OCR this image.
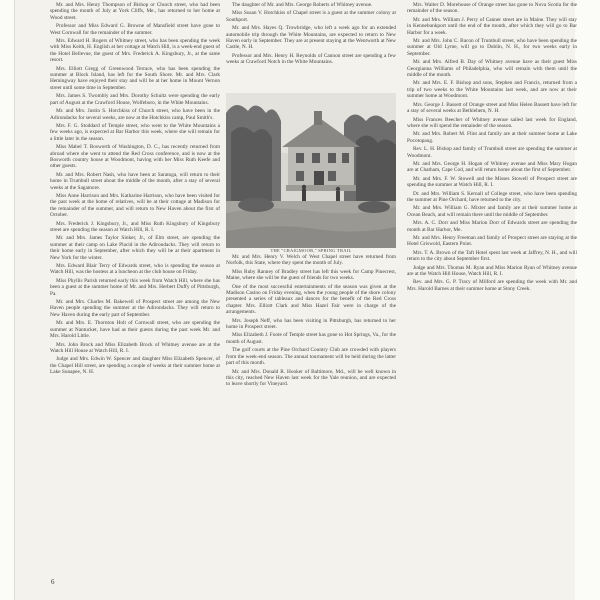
Mr. and Mrs. Henry Thompson of Bishop or Church street, who had been spending the month of July at York Cliffs, Me., has returned to her home at Wood street.

Professor and Miss Edward G. Browne of Mansfield street have gone to West Cornwall for the remainder of the summer.

Mrs. Edward H. Rogers of Whitney street, who has been spending the week with Miss Keith, H. English at her cottage at Watch Hill, is a week-end guest of the Hotel Bellevue, the guest of Mrs. Frederick A. Kingsbury, Jr., at the same resort.

Mrs. Elliott Gregg of Greenwood Terrace, who has been spending the summer at Block Island, has left for the South Shore. Mr. and Mrs. Clark Hemingway have enjoyed their stay and will be at her home in Mount Vernon street until some time in September.

Mrs. James S. Twombly and Mrs. Dorothy Schultz were spending the early part of August at the Crawford House, Wolfeboro, in the White Mountains.

Mr. and Mrs. Justin S. Hotchkiss of Church street, who have been in the Adirondacks for several weeks, are now at the Hotchkiss camp, Paul Smith's.

Mrs. F. G. Stoddard of Temple street, who went to the White Mountains a few weeks ago, is expected at Bar Harbor this week, where she will remain for a little later in the season.

Miss Mabel T. Bosworth of Washington, D. C., has recently returned from abroad where she went to attend the Red Cross conference, and is now at the Bosworth country house at Woodmont, having with her Miss Ruth Keefe and other guests.

Mr. and Mrs. Robert Nash, who have been at Saratoga, will return to their home in Trumbull street about the middle of the month, after a stay of several weeks at the Sagamore.

Miss Anne Harrison and Mrs. Katharine Harrison, who have been visited for the past week at the home of relatives, will be at their cottage at Madison for the remainder of the summer, and will return to New Haven about the first of October.

Mrs. Frederick J. Kingsbury, Jr., and Miss Ruth Kingsbury of Kingsbury street are spending the season at Watch Hill, R. I.

Mr. and Mrs. James Taylor Sinker, Jr., of Elm street, are spending the summer at their camp on Lake Placid in the Adirondacks. They will return to their home early in September, after which they will be at their apartment in New York for the winter.

Mrs. Edward Blair Terry of Edwards street, who is spending the season at Watch Hill, was the hostess at a luncheon at the club house on Friday.

Miss Phyllis Parish returned early this week from Watch Hill, where she has been a guest at the summer home of Mr. and Mrs. Herbert Duffy of Pittsburgh, Pa.

Mr. and Mrs. Charles M. Bakewell of Prospect street are among the New Haven people spending the summer at the Adirondacks. They will return to New Haven during the early part of September.

Mr. and Mrs. E. Thornton Holt of Cornwall street, who are spending the summer at Nantucket, have had as their guests during the past week Mr. and Mrs. Harold Little.

Mrs. John Brock and Miss Elizabeth Brock of Whitney avenue are at the Watch Hill House at Watch Hill, R. I.

Judge and Mrs. Edwin W. Spencer and daughter Miss Elizabeth Spencer, of the Chapel Hill street, are spending a couple of weeks at their summer home at Lake Sunapee, N. H.

The daughter of Mr. and Mrs. George Roberts of Whitney avenue.

Miss Susan V. Hotchkiss of Chapel street is a guest at the summer colony at Southport.

Mr. and Mrs. Hayes Q. Trowbridge, who left a week ago for an extended automobile trip through the White Mountains, are expected to return to New Haven early in September. They are at present staying at the Wentworth at New Castle, N. H.

Professor and Mrs. Henry H. Reynolds of Cannon street are spending a few weeks at Crawford Notch in the White Mountains.

THE "CRAIGMOOR," SPRING TRAIL

Mr. and Mrs. Henry V. Welch of West Chapel street have returned from Norfolk, this State, where they spent the month of July.

Miss Ruby Ranney of Bradley street has left this week for Camp Pinecrest, Maine, where she will be the guest of friends for two weeks.

One of the most successful entertainments of the season was given at the Madison Casino on Friday evening, when the young people of the shore colony presented a series of tableaux and dances for the benefit of the Red Cross chapter. Mrs. Elliott Clark and Miss Hazel Fair were in charge of the arrangements.

Mrs. Joseph Neff, who has been visiting in Pittsburgh, has returned to her home in Prospect street.

Miss Elizabeth J. Foote of Temple street has gone to Hot Springs, Va., for the month of August.

The golf courts at the Pine Orchard Country Club are crowded with players from the week-end season. The annual tournament will be held during the latter part of this month.

Mr. and Mrs. Donald R. Hooker of Baltimore, Md., will be well known in this city, reached New Haven last week for the Yale reunion, and are expected to leave shortly for Vineyard.

Mrs. Walter D. Morehouse of Orange street has gone to Nova Scotia for the remainder of the season.

Mr. and Mrs. William J. Perry of Canner street are in Maine. They will stay in Kennebunkport until the end of the month, after which they will go to Bar Harbor for a week.

Mr. and Mrs. John C. Bacon of Trumbull street, who have been spending the summer at Old Lyme, will go to Dublin, N. H., for two weeks early in September.

Mr. and Mrs. Alfred B. Day of Whitney avenue have as their guest Miss Georgianna Williams of Philadelphia, who will remain with them until the middle of the month.

Mr. and Mrs. E. F. Bishop and sons, Stephen and Francis, returned from a trip of two weeks to the White Mountains last week, and are now at their summer home at Woodmont.

Mrs. George J. Bassett of Orange street and Miss Helen Bassett have left for a stay of several weeks at Bethlehem, N. H.

Miss Frances Beecher of Whitney avenue sailed last week for England, where she will spend the remainder of the season.

Mr. and Mrs. Robert M. Flint and family are at their summer home at Lake Pocotopaug.

Rev. L. H. Bishop and family of Trumbull street are spending the summer at Woodmont.

Mr. and Mrs. George H. Hogan of Whitney avenue and Miss Mary Hogan are at Chatham, Cape Cod, and will return home about the first of September.

Mr. and Mrs. F. W. Stowell and the Misses Stowell of Prospect street are spending the summer at Watch Hill, R. I.

Dr. and Mrs. William S. Kernall of College street, who have been spending the summer at Pine Orchard, have returned to the city.

Mr. and Mrs. William G. Mixter and family are at their summer home at Ocean Beach, and will remain there until the middle of September.

Mrs. A. C. Dorr and Miss Marion Dorr of Edwards street are spending the month at Bar Harbor, Me.

Mr. and Mrs. Henry Freeman and family of Prospect street are staying at the Hotel Griswold, Eastern Point.

Mrs. T. A. Brown of the Taft Hotel spent last week at Jaffrey, N. H., and will return to the city about September first.

Judge and Mrs. Thomas M. Ryan and Miss Marion Ryan of Whitney avenue are at the Watch Hill House, Watch Hill, R. I.

Rev. and Mrs. G. P. Tracy of Milford are spending the week with Mr. and Mrs. Harold Barnes at their summer home at Stony Creek.

6
